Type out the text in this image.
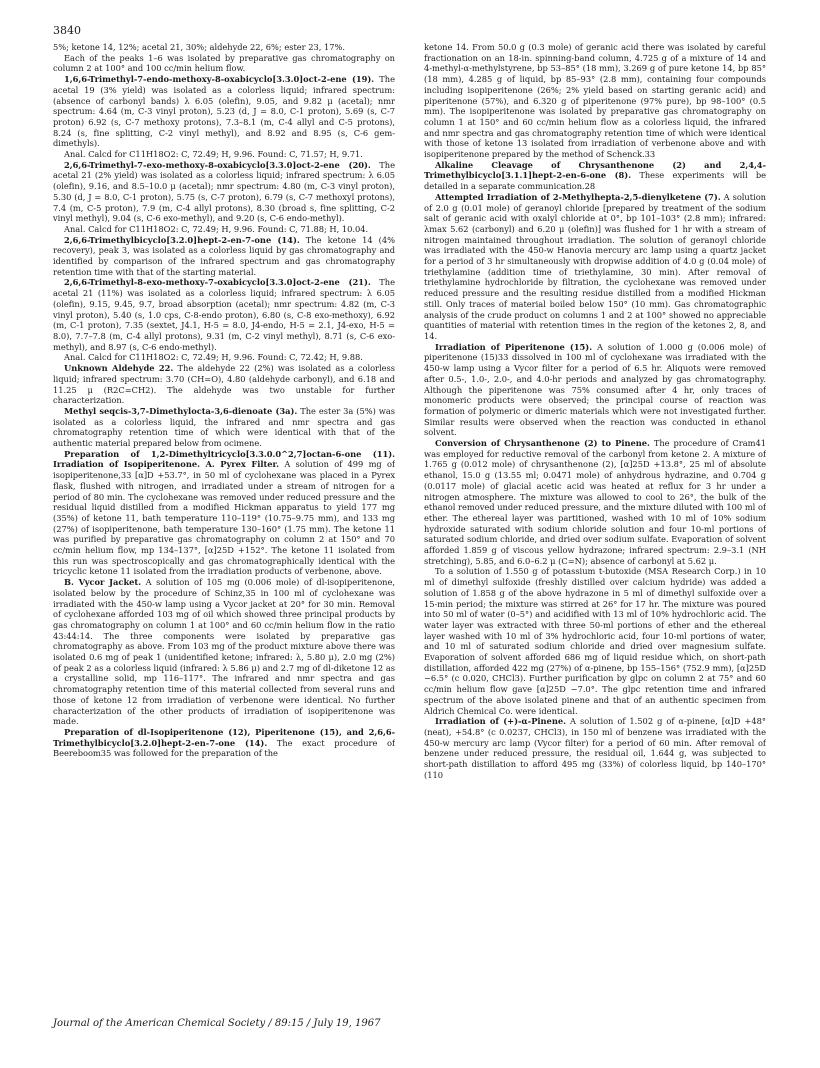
3840

5%; ketone 14, 12%; acetal 21, 30%; aldehyde 22, 6%; ester 23, 17%.

Each of the peaks 1–6 was isolated by preparative gas chromatography on column 2 at 100° and 100 cc/min helium flow.

1,6,6-Trimethyl-7-endo-methoxy-8-oxabicyclo[3.3.0]oct-2-ene (19). The acetal 19 (3% yield) was isolated as a colorless liquid; infrared spectrum: (absence of carbonyl bands) λ 6.05 (olefin), 9.05, and 9.82 μ (acetal); nmr spectrum: 4.64 (m, C-3 vinyl proton), 5.23 (d, J = 8.0, C-1 proton), 5.69 (s, C-7 proton) 6.92 (s, C-7 methoxy protons), 7.3–8.1 (m, C-4 allyl and C-5 protons), 8.24 (s, fine splitting, C-2 vinyl methyl), and 8.92 and 8.95 (s, C-6 gem-dimethyls).

Anal. Calcd for C11H18O2: C, 72.49; H, 9.96. Found: C, 71.57; H, 9.71.

2,6,6-Trimethyl-7-exo-methoxy-8-oxabicyclo[3.3.0]oct-2-ene (20). The acetal 21 (2% yield) was isolated as a colorless liquid; infrared spectrum: λ 6.05 (olefin), 9.16, and 8.5–10.0 μ (acetal); nmr spectrum: 4.80 (m, C-3 vinyl proton), 5.30 (d, J = 8.0, C-1 proton), 5.75 (s, C-7 proton), 6.79 (s, C-7 methoxyl protons), 7.4 (m, C-5 proton), 7.9 (m, C-4 allyl protons), 8.30 (broad s, fine splitting, C-2 vinyl methyl), 9.04 (s, C-6 exo-methyl), and 9.20 (s, C-6 endo-methyl).

Anal. Calcd for C11H18O2: C, 72.49; H, 9.96. Found: C, 71.88; H, 10.04.

2,6,6-Trimethylbicyclo[3.2.0]hept-2-en-7-one (14). The ketone 14 (4% recovery), peak 3, was isolated as a colorless liquid by gas chromatography and identified by comparison of the infrared spectrum and gas chromatography retention time with that of the starting material.

2,6,6-Trimethyl-8-exo-methoxy-7-oxabicyclo[3.3.0]oct-2-ene (21). The acetal 21 (11%) was isolated as a colorless liquid; infrared spectrum: λ 6.05 (olefin), 9.15, 9.45, 9.7, broad absorption (acetal); nmr spectrum: 4.82 (m, C-3 vinyl proton), 5.40 (s, 1.0 cps, C-8-endo proton), 6.80 (s, C-8 exo-methoxy), 6.92 (m, C-1 proton), 7.35 (sextet, J4.1, H-5 = 8.0, J4-endo, H-5 = 2.1, J4-exo, H-5 = 8.0), 7.7–7.8 (m, C-4 allyl protons), 9.31 (m, C-2 vinyl methyl), 8.71 (s, C-6 exo-methyl), and 8.97 (s, C-6 endo-methyl).

Anal. Calcd for C11H18O2: C, 72.49; H, 9.96. Found: C, 72.42; H, 9.88.

Unknown Aldehyde 22. The aldehyde 22 (2%) was isolated as a colorless liquid; infrared spectrum: 3.70 (CH=O), 4.80 (aldehyde carbonyl), and 6.18 and 11.25 μ (R2C=CH2). The aldehyde was two unstable for further characterization.

Methyl seqcis-3,7-Dimethylocta-3,6-dienoate (3a). The ester 3a (5%) was isolated as a colorless liquid, the infrared and nmr spectra and gas chromatography retention time of which were identical with that of the authentic material prepared below from ocimene.

Preparation of 1,2-Dimethyltricyclo[3.3.0.0^2,7]octan-6-one (11). Irradiation of Isopiperitenone. A. Pyrex Filter. A solution of 499 mg of isopiperitenone,33 [α]D +53.7°, in 50 ml of cyclohexane was placed in a Pyrex flask, flushed with nitrogen, and irradiated under a stream of nitrogen for a period of 80 min. The cyclohexane was removed under reduced pressure and the residual liquid distilled from a modified Hickman apparatus to yield 177 mg (35%) of ketone 11, bath temperature 110–119° (10.75–9.75 mm), and 133 mg (27%) of isopiperitenone, bath temperature 130–160° (1.75 mm). The ketone 11 was purified by preparative gas chromatography on column 2 at 150° and 70 cc/min helium flow, mp 134–137°, [α]25D +152°. The ketone 11 isolated from this run was spectroscopically and gas chromatographically identical with the tricyclic ketone 11 isolated from the irradiation products of verbenone, above.

B. Vycor Jacket. A solution of 105 mg (0.006 mole) of dl-isopiperitenone, isolated below by the procedure of Schinz,35 in 100 ml of cyclohexane was irradiated with the 450-w lamp using a Vycor jacket at 20° for 30 min. Removal of cyclohexane afforded 103 mg of oil which showed three principal products by gas chromatography on column 1 at 100° and 60 cc/min helium flow in the ratio 43:44:14. The three components were isolated by preparative gas chromatography as above. From 103 mg of the product mixture above there was isolated 0.6 mg of peak 1 (unidentified ketone; infrared: λ, 5.80 μ), 2.0 mg (2%) of peak 2 as a colorless liquid (infrared: λ 5.86 μ) and 2.7 mg of dl-diketone 12 as a crystalline solid, mp 116–117°. The infrared and nmr spectra and gas chromatography retention time of this material collected from several runs and those of ketone 12 from irradiation of verbenone were identical. No further characterization of the other products of irradiation of isopiperitenone was made.

Preparation of dl-Isopiperitenone (12), Piperitenone (15), and 2,6,6-Trimethylbicyclo[3.2.0]hept-2-en-7-one (14). The exact procedure of Beereboom35 was followed for the preparation of the

ketone 14. From 50.0 g (0.3 mole) of geranic acid there was isolated by careful fractionation on an 18-in. spinning-band column, 4.725 g of a mixture of 14 and 4-methyl-α-methylstyrene, bp 53–85° (18 mm), 3.269 g of pure ketone 14, bp 85° (18 mm), 4.285 g of liquid, bp 85–93° (2.8 mm), containing four compounds including isopiperitenone (26%; 2% yield based on starting geranic acid) and piperitenone (57%), and 6.320 g of piperitenone (97% pure), bp 98–100° (0.5 mm). The isopiperitenone was isolated by preparative gas chromatography on column 1 at 150° and 60 cc/min helium flow as a colorless liquid, the infrared and nmr spectra and gas chromatography retention time of which were identical with those of ketone 13 isolated from irradiation of verbenone above and with isopiperitenone prepared by the method of Schenck.33

Alkaline Cleavage of Chrysanthenone (2) and 2,4,4-Trimethylbicyclo[3.1.1]hept-2-en-6-one (8). These experiments will be detailed in a separate communication.28

Attempted Irradiation of 2-Methylhepta-2,5-dienylketene (7). A solution of 2.0 g (0.01 mole) of geranoyl chloride [prepared by treatment of the sodium salt of geranic acid with oxalyl chloride at 0°, bp 101–103° (2.8 mm); infrared: λmax 5.62 (carbonyl) and 6.20 μ (olefin)] was flushed for 1 hr with a stream of nitrogen maintained throughout irradiation. The solution of geranoyl chloride was irradiated with the 450-w Hanovia mercury arc lamp using a quartz jacket for a period of 3 hr simultaneously with dropwise addition of 4.0 g (0.04 mole) of triethylamine (addition time of triethylamine, 30 min). After removal of triethylamine hydrochloride by filtration, the cyclohexane was removed under reduced pressure and the resulting residue distilled from a modified Hickman still. Only traces of material boiled below 150° (10 mm). Gas chromatographic analysis of the crude product on columns 1 and 2 at 100° showed no appreciable quantities of material with retention times in the region of the ketones 2, 8, and 14.

Irradiation of Piperitenone (15). A solution of 1.000 g (0.006 mole) of piperitenone (15)33 dissolved in 100 ml of cyclohexane was irradiated with the 450-w lamp using a Vycor filter for a period of 6.5 hr. Aliquots were removed after 0.5-, 1.0-, 2.0-, and 4.0-hr periods and analyzed by gas chromatography. Although the piperitenone was 75% consumed after 4 hr, only traces of monomeric products were observed; the principal course of reaction was formation of polymeric or dimeric materials which were not investigated further. Similar results were observed when the reaction was conducted in ethanol solvent.

Conversion of Chrysanthenone (2) to Pinene. The procedure of Cram41 was employed for reductive removal of the carbonyl from ketone 2. A mixture of 1.765 g (0.012 mole) of chrysanthenone (2), [α]25D +13.8°, 25 ml of absolute ethanol, 15.0 g (13.55 ml; 0.0471 mole) of anhydrous hydrazine, and 0.704 g (0.0117 mole) of glacial acetic acid was heated at reflux for 3 hr under a nitrogen atmosphere. The mixture was allowed to cool to 26°, the bulk of the ethanol removed under reduced pressure, and the mixture diluted with 100 ml of ether. The ethereal layer was partitioned, washed with 10 ml of 10% sodium hydroxide saturated with sodium chloride solution and four 10-ml portions of saturated sodium chloride, and dried over sodium sulfate. Evaporation of solvent afforded 1.859 g of viscous yellow hydrazone; infrared spectrum: 2.9–3.1 (NH stretching), 5.85, and 6.0–6.2 μ (C=N); absence of carbonyl at 5.62 μ.

To a solution of 1.550 g of potassium t-butoxide (MSA Research Corp.) in 10 ml of dimethyl sulfoxide (freshly distilled over calcium hydride) was added a solution of 1.858 g of the above hydrazone in 5 ml of dimethyl sulfoxide over a 15-min period; the mixture was stirred at 26° for 17 hr. The mixture was poured into 50 ml of water (0–5°) and acidified with 13 ml of 10% hydrochloric acid. The water layer was extracted with three 50-ml portions of ether and the ethereal layer washed with 10 ml of 3% hydrochloric acid, four 10-ml portions of water, and 10 ml of saturated sodium chloride and dried over magnesium sulfate. Evaporation of solvent afforded 686 mg of liquid residue which, on short-path distillation, afforded 422 mg (27%) of α-pinene, bp 155–156° (752.9 mm), [α]25D −6.5° (c 0.020, CHCl3). Further purification by glpc on column 2 at 75° and 60 cc/min helium flow gave [α]25D −7.0°. The glpc retention time and infrared spectrum of the above isolated pinene and that of an authentic specimen from Aldrich Chemical Co. were identical.

Irradiation of (+)-α-Pinene. A solution of 1.502 g of α-pinene, [α]D +48° (neat), +54.8° (c 0.0237, CHCl3), in 150 ml of benzene was irradiated with the 450-w mercury arc lamp (Vycor filter) for a period of 60 min. After removal of benzene under reduced pressure, the residual oil, 1.644 g, was subjected to short-path distillation to afford 495 mg (33%) of colorless liquid, bp 140–170° (110

Journal of the American Chemical Society / 89:15 / July 19, 1967
